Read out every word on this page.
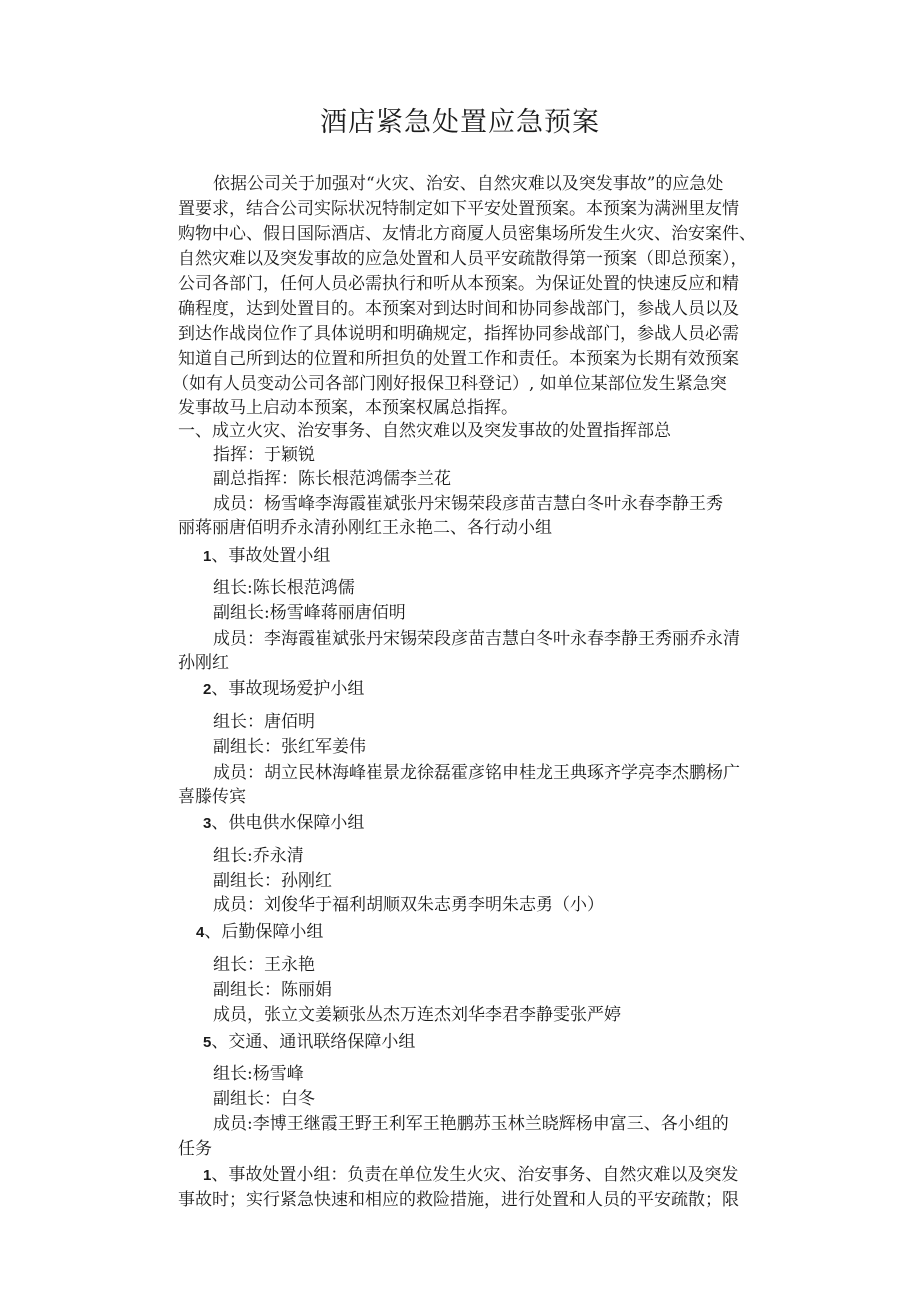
酒店紧急处置应急预案
依据公司关于加强对“火灾、治安、自然灾难以及突发事故”的应急处
置要求，结合公司实际状况特制定如下平安处置预案。本预案为满洲里友情
购物中心、假日国际酒店、友情北方商厦人员密集场所发生火灾、治安案件、
自然灾难以及突发事故的应急处置和人员平安疏散得第一预案（即总预案），
公司各部门，任何人员必需执行和听从本预案。为保证处置的快速反应和精
确程度，达到处置目的。本预案对到达时间和协同参战部门，参战人员以及
到达作战岗位作了具体说明和明确规定，指挥协同参战部门，参战人员必需
知道自己所到达的位置和所担负的处置工作和责任。本预案为长期有效预案
（如有人员变动公司各部门刚好报保卫科登记）, 如单位某部位发生紧急突
发事故马上启动本预案，本预案权属总指挥。
一、成立火灾、治安事务、自然灾难以及突发事故的处置指挥部总
指挥：于颖锐
副总指挥：陈长根范鸿儒李兰花
成员：杨雪峰李海霞崔斌张丹宋锡荣段彦苗吉慧白冬叶永春李静王秀
丽蒋丽唐佰明乔永清孙刚红王永艳二、各行动小组
1、事故处置小组
组长:陈长根范鸿儒
副组长:杨雪峰蒋丽唐佰明
成员：李海霞崔斌张丹宋锡荣段彦苗吉慧白冬叶永春李静王秀丽乔永清
孙刚红
2、事故现场爱护小组
组长：唐佰明
副组长：张红军姜伟
成员：胡立民林海峰崔景龙徐磊霍彦铭申桂龙王典琢齐学亮李杰鹏杨广
喜滕传宾
3、供电供水保障小组
组长:乔永清
副组长：孙刚红
成员：刘俊华于福利胡顺双朱志勇李明朱志勇（小）
4、后勤保障小组
组长：王永艳
副组长：陈丽娟
成员，张立文姜颖张丛杰万连杰刘华李君李静雯张严婷
5、交通、通讯联络保障小组
组长:杨雪峰
副组长：白冬
成员:李博王继霞王野王利军王艳鹏苏玉林兰晓辉杨申富三、各小组的
任务
1、事故处置小组：负责在单位发生火灾、治安事务、自然灾难以及突发
事故时；实行紧急快速和相应的救险措施，进行处置和人员的平安疏散；限
